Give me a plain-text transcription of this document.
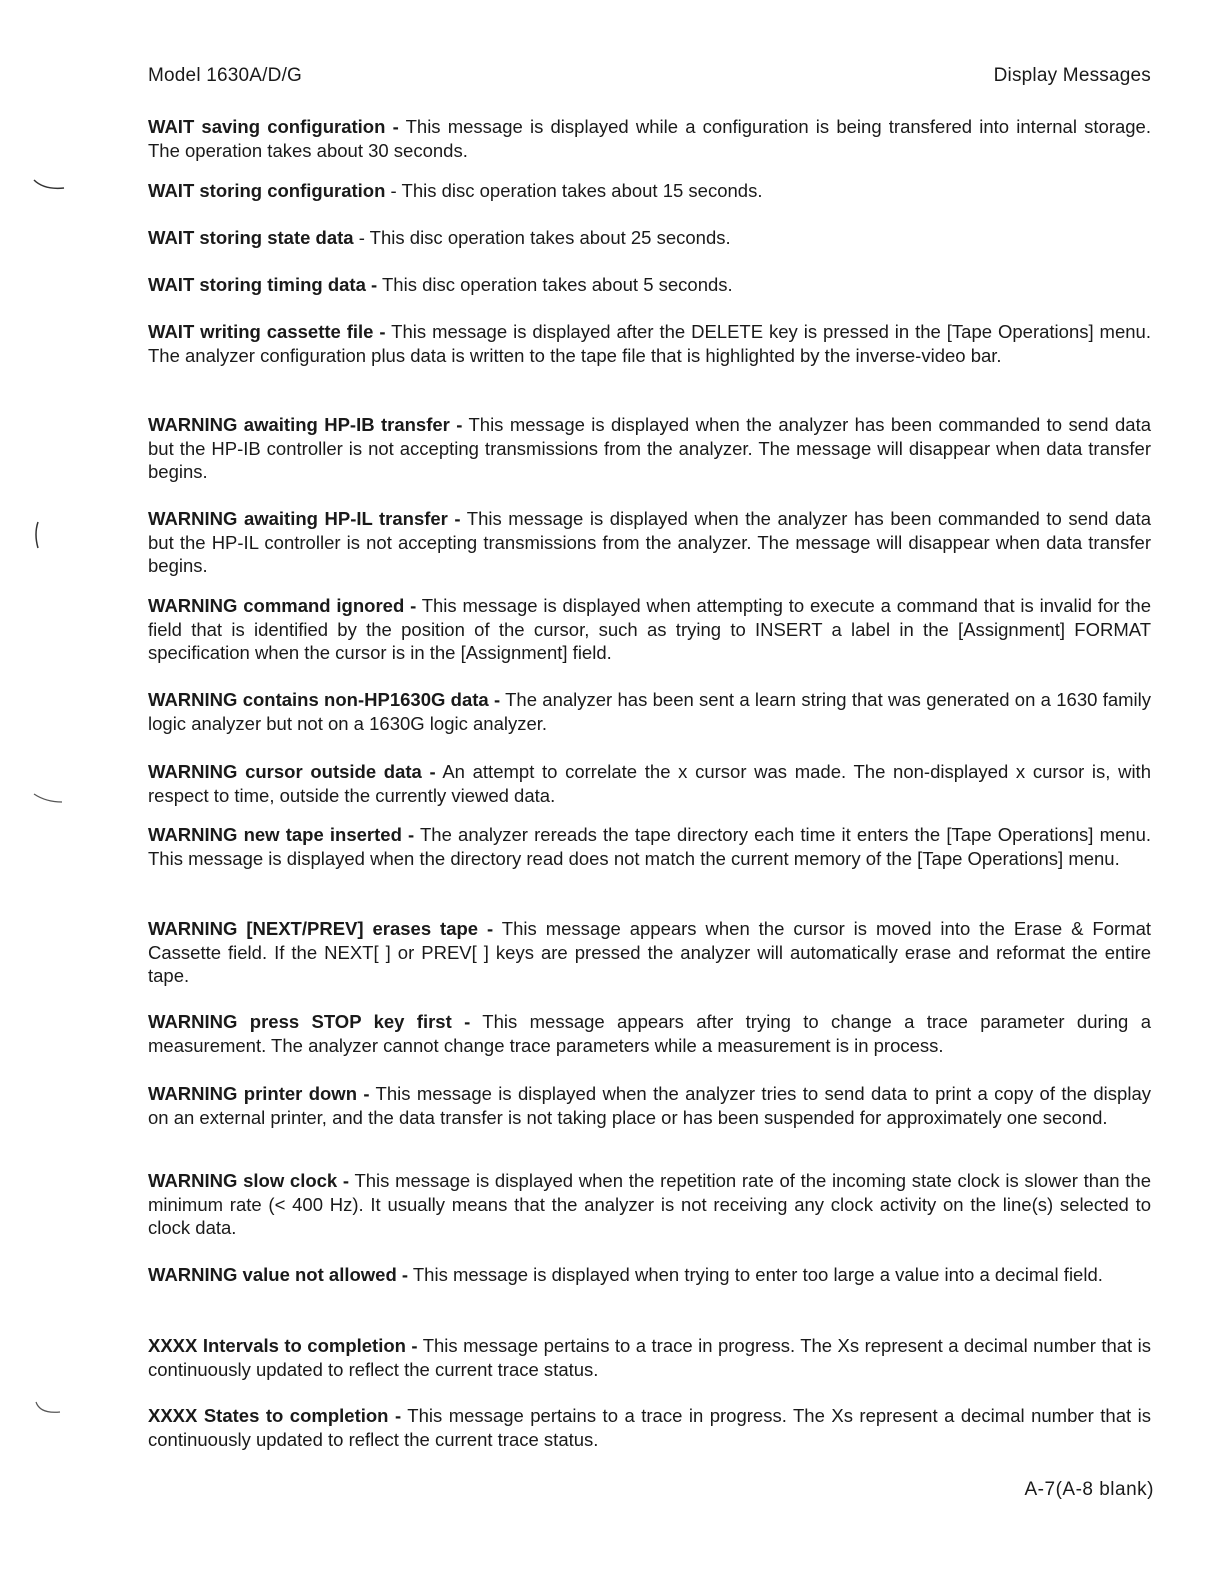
Model 1630A/D/G	Display Messages
WAIT saving configuration - This message is displayed while a configuration is being transfered into internal storage. The operation takes about 30 seconds.
WAIT storing configuration - This disc operation takes about 15 seconds.
WAIT storing state data - This disc operation takes about 25 seconds.
WAIT storing timing data - This disc operation takes about 5 seconds.
WAIT writing cassette file - This message is displayed after the DELETE key is pressed in the [Tape Operations] menu. The analyzer configuration plus data is written to the tape file that is highlighted by the inverse-video bar.
WARNING awaiting HP-IB transfer - This message is displayed when the analyzer has been commanded to send data but the HP-IB controller is not accepting transmissions from the analyzer. The message will disappear when data transfer begins.
WARNING awaiting HP-IL transfer - This message is displayed when the analyzer has been commanded to send data but the HP-IL controller is not accepting transmissions from the analyzer. The message will disappear when data transfer begins.
WARNING command ignored - This message is displayed when attempting to execute a command that is invalid for the field that is identified by the position of the cursor, such as trying to INSERT a label in the [Assignment] FORMAT specification when the cursor is in the [Assignment] field.
WARNING contains non-HP1630G data - The analyzer has been sent a learn string that was generated on a 1630 family logic analyzer but not on a 1630G logic analyzer.
WARNING cursor outside data - An attempt to correlate the x cursor was made. The non-displayed x cursor is, with respect to time, outside the currently viewed data.
WARNING new tape inserted - The analyzer rereads the tape directory each time it enters the [Tape Operations] menu. This message is displayed when the directory read does not match the current memory of the [Tape Operations] menu.
WARNING [NEXT/PREV] erases tape - This message appears when the cursor is moved into the Erase & Format Cassette field. If the NEXT[ ] or PREV[ ] keys are pressed the analyzer will automatically erase and reformat the entire tape.
WARNING press STOP key first - This message appears after trying to change a trace parameter during a measurement. The analyzer cannot change trace parameters while a measurement is in process.
WARNING printer down - This message is displayed when the analyzer tries to send data to print a copy of the display on an external printer, and the data transfer is not taking place or has been suspended for approximately one second.
WARNING slow clock - This message is displayed when the repetition rate of the incoming state clock is slower than the minimum rate (< 400 Hz). It usually means that the analyzer is not receiving any clock activity on the line(s) selected to clock data.
WARNING value not allowed - This message is displayed when trying to enter too large a value into a decimal field.
XXXX Intervals to completion - This message pertains to a trace in progress. The Xs represent a decimal number that is continuously updated to reflect the current trace status.
XXXX States to completion - This message pertains to a trace in progress. The Xs represent a decimal number that is continuously updated to reflect the current trace status.
A-7(A-8 blank)
